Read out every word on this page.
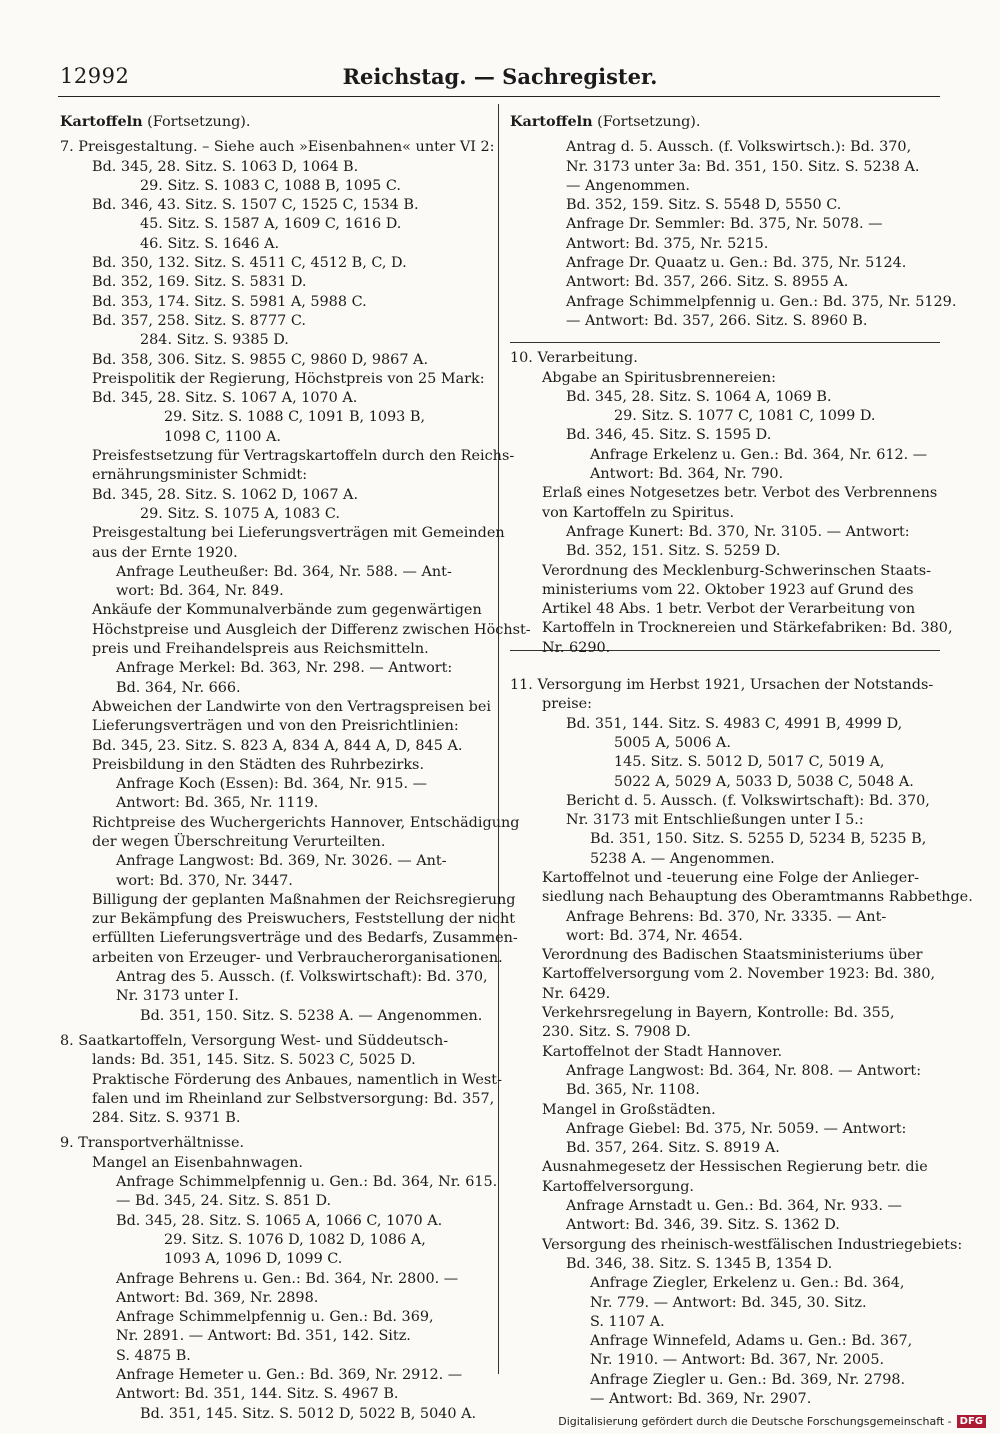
12992	Reichstag. — Sachregister.
Kartoffeln (Fortsetzung).
7. Preisgestaltung. – Siehe auch »Eisenbahnen« unter VI 2:
Bd. 345, 28. Sitz. S. 1063 D, 1064 B.
29. Sitz. S. 1083 C, 1088 B, 1095 C.
Bd. 346, 43. Sitz. S. 1507 C, 1525 C, 1534 B.
45. Sitz. S. 1587 A, 1609 C, 1616 D.
46. Sitz. S. 1646 A.
Bd. 350, 132. Sitz. S. 4511 C, 4512 B, C, D.
Bd. 352, 169. Sitz. S. 5831 D.
Bd. 353, 174. Sitz. S. 5981 A, 5988 C.
Bd. 357, 258. Sitz. S. 8777 C.
284. Sitz. S. 9385 D.
Bd. 358, 306. Sitz. S. 9855 C, 9860 D, 9867 A.
Preispolitik der Regierung, Höchstpreis von 25 Mark:
Bd. 345, 28. Sitz. S. 1067 A, 1070 A.
29. Sitz. S. 1088 C, 1091 B, 1093 B,
1098 C, 1100 A.
Preisfestsetzung für Vertragskartoffeln durch den Reichs-
ernährungsminister Schmidt:
Bd. 345, 28. Sitz. S. 1062 D, 1067 A.
29. Sitz. S. 1075 A, 1083 C.
Preisgestaltung bei Lieferungsverträgen mit Gemeinden
aus der Ernte 1920.
Anfrage Leutheußer: Bd. 364, Nr. 588. — Ant-
wort: Bd. 364, Nr. 849.
Ankäufe der Kommunalverbände zum gegenwärtigen
Höchstpreise und Ausgleich der Differenz zwischen Höchst-
preis und Freihandelspreis aus Reichsmitteln.
Anfrage Merkel: Bd. 363, Nr. 298. — Antwort:
Bd. 364, Nr. 666.
Abweichen der Landwirte von den Vertragspreisen bei
Lieferungsverträgen und von den Preisrichtlinien:
Bd. 345, 23. Sitz. S. 823 A, 834 A, 844 A, D, 845 A.
Preisbildung in den Städten des Ruhrbezirks.
Anfrage Koch (Essen): Bd. 364, Nr. 915. —
Antwort: Bd. 365, Nr. 1119.
Richtpreise des Wuchergerichts Hannover, Entschädigung
der wegen Überschreitung Verurteilten.
Anfrage Langwost: Bd. 369, Nr. 3026. — Ant-
wort: Bd. 370, Nr. 3447.
Billigung der geplanten Maßnahmen der Reichsregierung
zur Bekämpfung des Preiswuchers, Feststellung der nicht
erfüllten Lieferungsverträge und des Bedarfs, Zusammen-
arbeiten von Erzeuger- und Verbraucherorganisationen.
Antrag des 5. Aussch. (f. Volkswirtschaft): Bd. 370,
Nr. 3173 unter I.
Bd. 351, 150. Sitz. S. 5238 A. — Angenommen.
8. Saatkartoffeln, Versorgung West- und Süddeutsch-
lands: Bd. 351, 145. Sitz. S. 5023 C, 5025 D.
Praktische Förderung des Anbaues, namentlich in West-
falen und im Rheinland zur Selbstversorgung: Bd. 357,
284. Sitz. S. 9371 B.
9. Transportverhältnisse.
Mangel an Eisenbahnwagen.
Anfrage Schimmelpfennig u. Gen.: Bd. 364, Nr. 615.
— Bd. 345, 24. Sitz. S. 851 D.
Bd. 345, 28. Sitz. S. 1065 A, 1066 C, 1070 A.
29. Sitz. S. 1076 D, 1082 D, 1086 A,
1093 A, 1096 D, 1099 C.
Anfrage Behrens u. Gen.: Bd. 364, Nr. 2800. —
Antwort: Bd. 369, Nr. 2898.
Anfrage Schimmelpfennig u. Gen.: Bd. 369,
Nr. 2891. — Antwort: Bd. 351, 142. Sitz.
S. 4875 B.
Anfrage Hemeter u. Gen.: Bd. 369, Nr. 2912. —
Antwort: Bd. 351, 144. Sitz. S. 4967 B.
Bd. 351, 145. Sitz. S. 5012 D, 5022 B, 5040 A.
Kartoffeln (Fortsetzung).
Antrag d. 5. Aussch. (f. Volkswirtsch.): Bd. 370,
Nr. 3173 unter 3a: Bd. 351, 150. Sitz. S. 5238 A.
— Angenommen.
Bd. 352, 159. Sitz. S. 5548 D, 5550 C.
Anfrage Dr. Semmler: Bd. 375, Nr. 5078. —
Antwort: Bd. 375, Nr. 5215.
Anfrage Dr. Quaatz u. Gen.: Bd. 375, Nr. 5124.
Antwort: Bd. 357, 266. Sitz. S. 8955 A.
Anfrage Schimmelpfennig u. Gen.: Bd. 375, Nr. 5129.
— Antwort: Bd. 357, 266. Sitz. S. 8960 B.
10. Verarbeitung.
Abgabe an Spiritusbrennereien:
Bd. 345, 28. Sitz. S. 1064 A, 1069 B.
29. Sitz. S. 1077 C, 1081 C, 1099 D.
Bd. 346, 45. Sitz. S. 1595 D.
Anfrage Erkelenz u. Gen.: Bd. 364, Nr. 612. —
Antwort: Bd. 364, Nr. 790.
Erlaß eines Notgesetzes betr. Verbot des Verbrennens
von Kartoffeln zu Spiritus.
Anfrage Kunert: Bd. 370, Nr. 3105. — Antwort:
Bd. 352, 151. Sitz. S. 5259 D.
Verordnung des Mecklenburg-Schwerinschen Staats-
ministeriums vom 22. Oktober 1923 auf Grund des
Artikel 48 Abs. 1 betr. Verbot der Verarbeitung von
Kartoffeln in Trocknereien und Stärkefabriken: Bd. 380,
Nr. 6290.
11. Versorgung im Herbst 1921, Ursachen der Notstands-
preise:
Bd. 351, 144. Sitz. S. 4983 C, 4991 B, 4999 D,
5005 A, 5006 A.
145. Sitz. S. 5012 D, 5017 C, 5019 A,
5022 A, 5029 A, 5033 D, 5038 C, 5048 A.
Bericht d. 5. Aussch. (f. Volkswirtschaft): Bd. 370,
Nr. 3173 mit Entschließungen unter I 5.:
Bd. 351, 150. Sitz. S. 5255 D, 5234 B, 5235 B,
5238 A. — Angenommen.
Kartoffelnot und -teuerung eine Folge der Anlieger-
siedlung nach Behauptung des Oberamtmanns Rabbethge.
Anfrage Behrens: Bd. 370, Nr. 3335. — Ant-
wort: Bd. 374, Nr. 4654.
Verordnung des Badischen Staatsministeriums über
Kartoffelversorgung vom 2. November 1923: Bd. 380,
Nr. 6429.
Verkehrsregelung in Bayern, Kontrolle: Bd. 355,
230. Sitz. S. 7908 D.
Kartoffelnot der Stadt Hannover.
Anfrage Langwost: Bd. 364, Nr. 808. — Antwort:
Bd. 365, Nr. 1108.
Mangel in Großstädten.
Anfrage Giebel: Bd. 375, Nr. 5059. — Antwort:
Bd. 357, 264. Sitz. S. 8919 A.
Ausnahmegesetz der Hessischen Regierung betr. die
Kartoffelversorgung.
Anfrage Arnstadt u. Gen.: Bd. 364, Nr. 933. —
Antwort: Bd. 346, 39. Sitz. S. 1362 D.
Versorgung des rheinisch-westfälischen Industriegebiets:
Bd. 346, 38. Sitz. S. 1345 B, 1354 D.
Anfrage Ziegler, Erkelenz u. Gen.: Bd. 364,
Nr. 779. — Antwort: Bd. 345, 30. Sitz.
S. 1107 A.
Anfrage Winnefeld, Adams u. Gen.: Bd. 367,
Nr. 1910. — Antwort: Bd. 367, Nr. 2005.
Anfrage Ziegler u. Gen.: Bd. 369, Nr. 2798.
— Antwort: Bd. 369, Nr. 2907.
Digitalisierung gefördert durch die Deutsche Forschungsgemeinschaft - DFG
